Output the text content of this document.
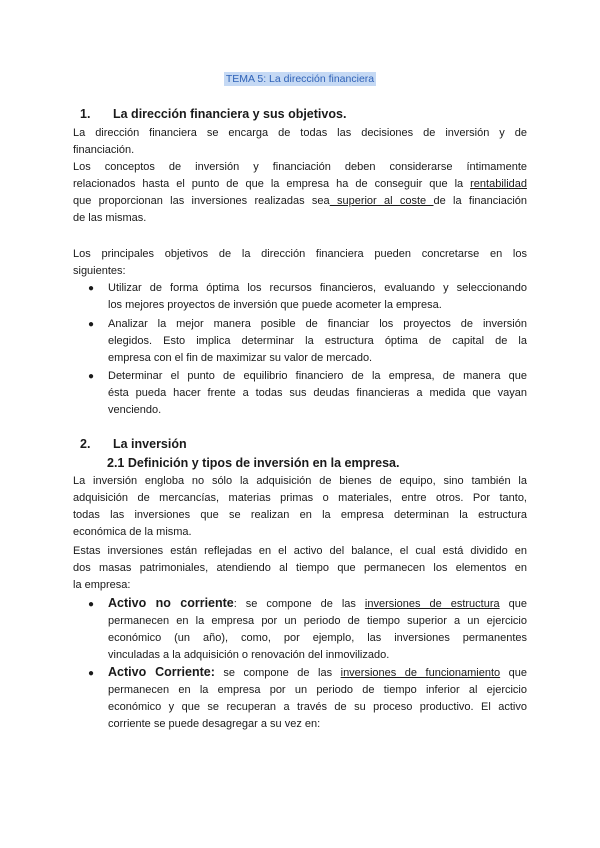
TEMA 5: La dirección financiera
1. La dirección financiera y sus objetivos.
La dirección financiera se encarga de todas las decisiones de inversión y de
financiación.
Los conceptos de inversión y financiación deben considerarse íntimamente
relacionados hasta el punto de que la empresa ha de conseguir que la rentabilidad
que proporcionan las inversiones realizadas sea superior al coste de la financiación
de las mismas.
Los principales objetivos de la dirección financiera pueden concretarse en los
siguientes:
●	Utilizar de forma óptima los recursos financieros, evaluando y seleccionando
los mejores proyectos de inversión que puede acometer la empresa.
●	Analizar la mejor manera posible de financiar los proyectos de inversión
elegidos. Esto implica determinar la estructura óptima de capital de la
empresa con el fin de maximizar su valor de mercado.
●	Determinar el punto de equilibrio financiero de la empresa, de manera que
ésta pueda hacer frente a todas sus deudas financieras a medida que vayan
venciendo.
2. La inversión
2.1 Definición y tipos de inversión en la empresa.
La inversión engloba no sólo la adquisición de bienes de equipo, sino también la
adquisición de mercancías, materias primas o materiales, entre otros. Por tanto,
todas las inversiones que se realizan en la empresa determinan la estructura
económica de la misma.
Estas inversiones están reflejadas en el activo del balance, el cual está dividido en
dos masas patrimoniales, atendiendo al tiempo que permanecen los elementos en
la empresa:
●	Activo no corriente: se compone de las inversiones de estructura que
permanecen en la empresa por un periodo de tiempo superior a un ejercicio
económico (un año), como, por ejemplo, las inversiones permanentes
vinculadas a la adquisición o renovación del inmovilizado.
●	Activo Corriente: se compone de las inversiones de funcionamiento que
permanecen en la empresa por un periodo de tiempo inferior al ejercicio
económico y que se recuperan a través de su proceso productivo. El activo
corriente se puede desagregar a su vez en:
